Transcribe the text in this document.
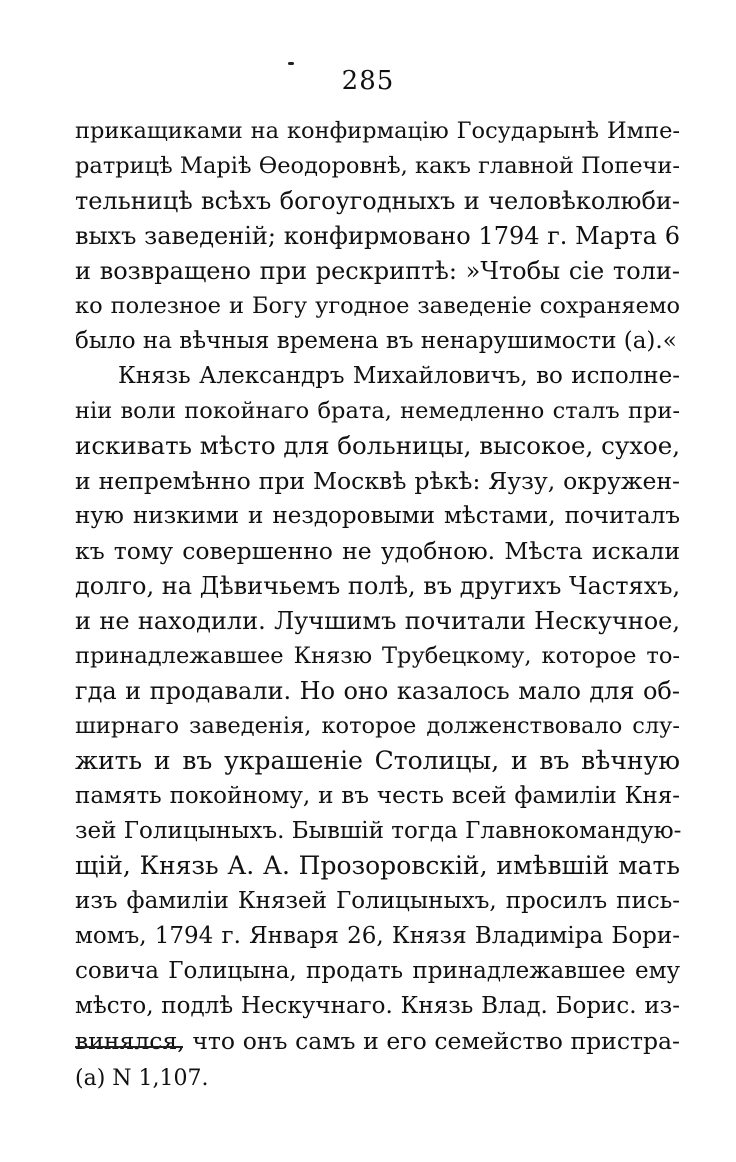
285
прикащиками на конфирмацію Государынѣ Импе-
ратрицѣ Маріѣ Ѳеодоровнѣ, какъ главной Попечи-
тельницѣ всѣхъ богоугодныхъ и человѣколюби-
выхъ заведеній; конфирмовано 1794 г. Марта 6
и возвращено при рескриптѣ: »Чтобы сіе толи-
ко полезное и Богу угодное заведеніе сохраняемо
было на вѣчныя времена въ ненарушимости (а).«
Князь Александръ Михайловичъ, во исполне-
ніи воли покойнаго брата, немедленно сталъ при-
искивать мѣсто для больницы, высокое, сухое,
и непремѣнно при Москвѣ рѣкѣ: Яузу, окружен-
ную низкими и нездоровыми мѣстами, почиталъ
къ тому совершенно не удобною. Мѣста искали
долго, на Дѣвичьемъ полѣ, въ другихъ Частяхъ,
и не находили. Лучшимъ почитали Нескучное,
принадлежавшее Князю Трубецкому, которое то-
гда и продавали. Но оно казалось мало для об-
ширнаго заведенія, которое долженствовало слу-
жить и въ украшеніе Столицы, и въ вѣчную
память покойному, и въ честь всей фамиліи Кня-
зей Голицыныхъ. Бывшій тогда Главнокомандую-
щій, Князь А. А. Прозоровскій, имѣвшій мать
изъ фамиліи Князей Голицыныхъ, просилъ пись-
момъ, 1794 г. Января 26, Князя Владиміра Бори-
совича Голицына, продать принадлежавшее ему
мѣсто, подлѣ Нескучнаго. Князь Влад. Борис. из-
винялся, что онъ самъ и его семейство пристра-
(а) N 1,107.
